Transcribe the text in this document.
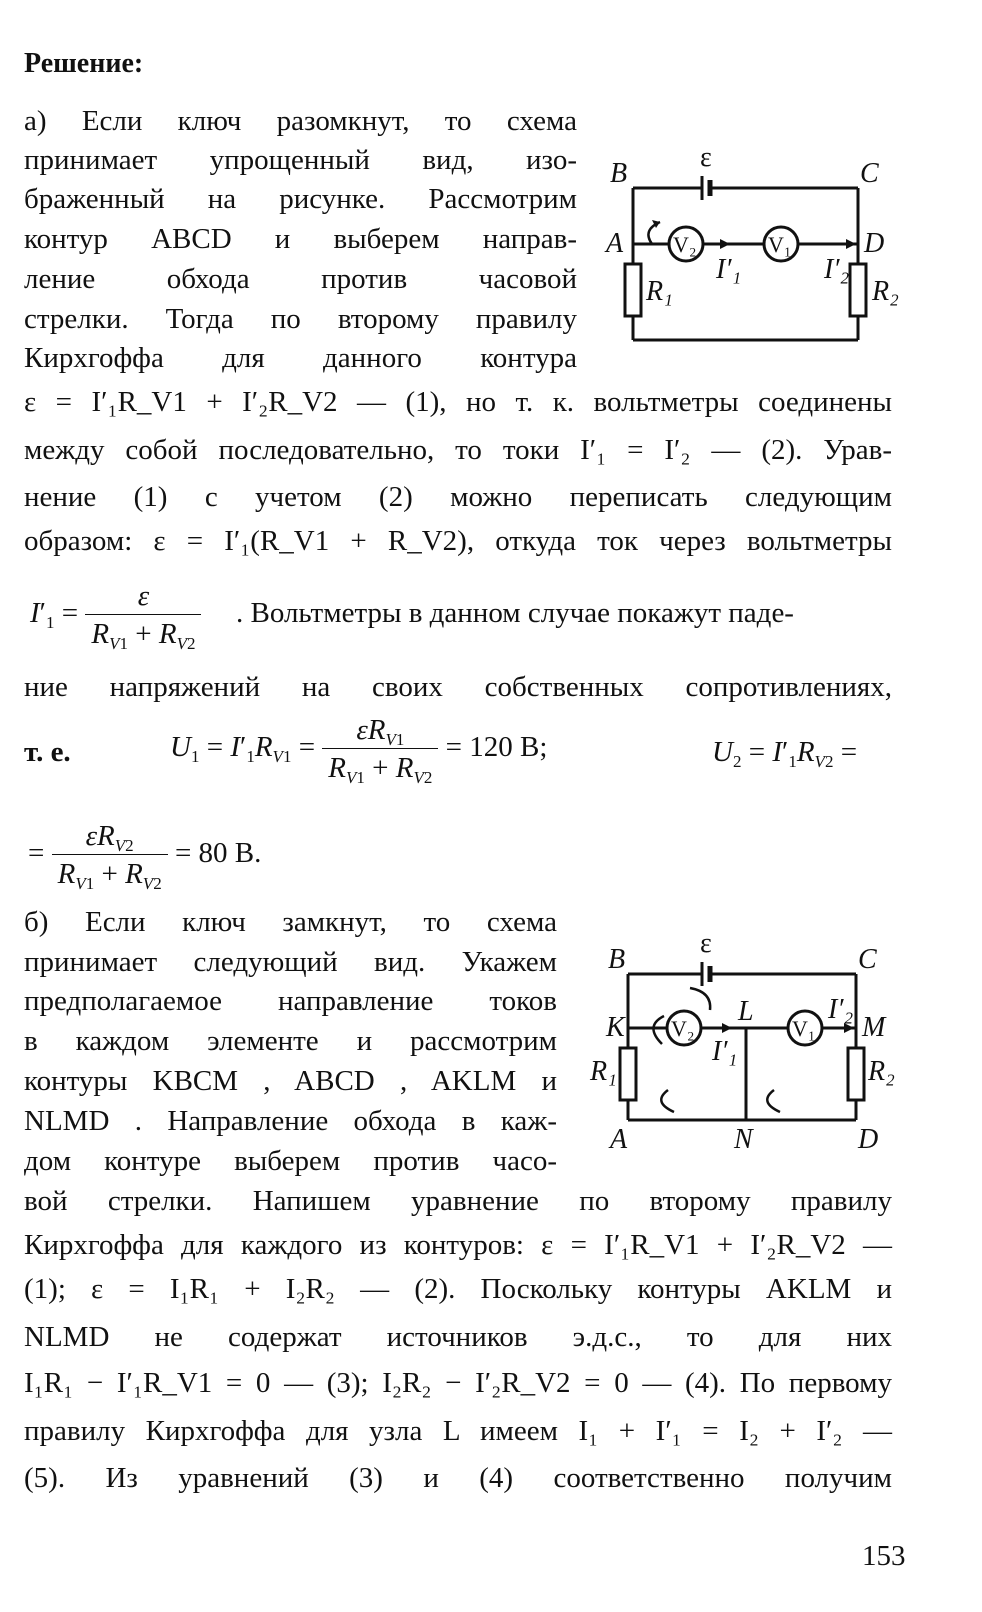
Решение:
а) Если ключ разомкнут, то схема
принимает упрощенный вид, изо-
браженный на рисунке. Рассмотрим
контур ABCD и выберем направ-
ление обхода против часовой
стрелки. Тогда по второму правилу
Кирхгоффа для данного контура
B
ε
C
A V₂	V₁	D
I′₁	I′₂
R₁	R₂
ε = I′₁R_V1 + I′₂R_V2 — (1), но т. к. вольтметры соединены
между собой последовательно, то токи I′₁ = I′₂ — (2). Урав-
нение (1) с учетом (2) можно переписать следующим
образом: ε = I′₁(R_V1 + R_V2), откуда ток через вольтметры
$I'_1 = \frac{\varepsilon}{R_{V1} + R_{V2}}$ . Вольтметры в данном случае покажут паде-
ние напряжений на своих собственных сопротивлениях,
т. е.	$U_1 = I'_1R_{V1} = \frac{\varepsilon R_{V1}}{R_{V1} + R_{V2}} = 120$ В;	$U_2 = I'_1R_{V2}$ =
= $\frac{\varepsilon R_{V2}}{R_{V1} + R_{V2}} = 80$ В.
б) Если ключ замкнут, то схема
принимает следующий вид. Укажем
предполагаемое направление токов
в каждом элементе и рассмотрим
контуры KBCM , ABCD , AKLM и
NLMD . Направление обхода в каж-
дом контуре выберем против часо-
B
ε
C
K V₂
L
V₁
I′₂
M
I′₁
R₁	R₂
A	N	D
вой стрелки. Напишем уравнение по второму правилу
Кирхгоффа для каждого из контуров: ε = I′₁R_V1 + I′₂R_V2 —
(1); ε = I₁R₁ + I₂R₂ — (2). Поскольку контуры AKLM и
NLMD не содержат источников э.д.с., то для них
I₁R₁ − I′₁R_V1 = 0 — (3); I₂R₂ − I′₂R_V2 = 0 — (4). По первому
правилу Кирхгоффа для узла L имеем I₁ + I′₁ = I₂ + I′₂ —
(5). Из уравнений (3) и (4) соответственно получим
153
